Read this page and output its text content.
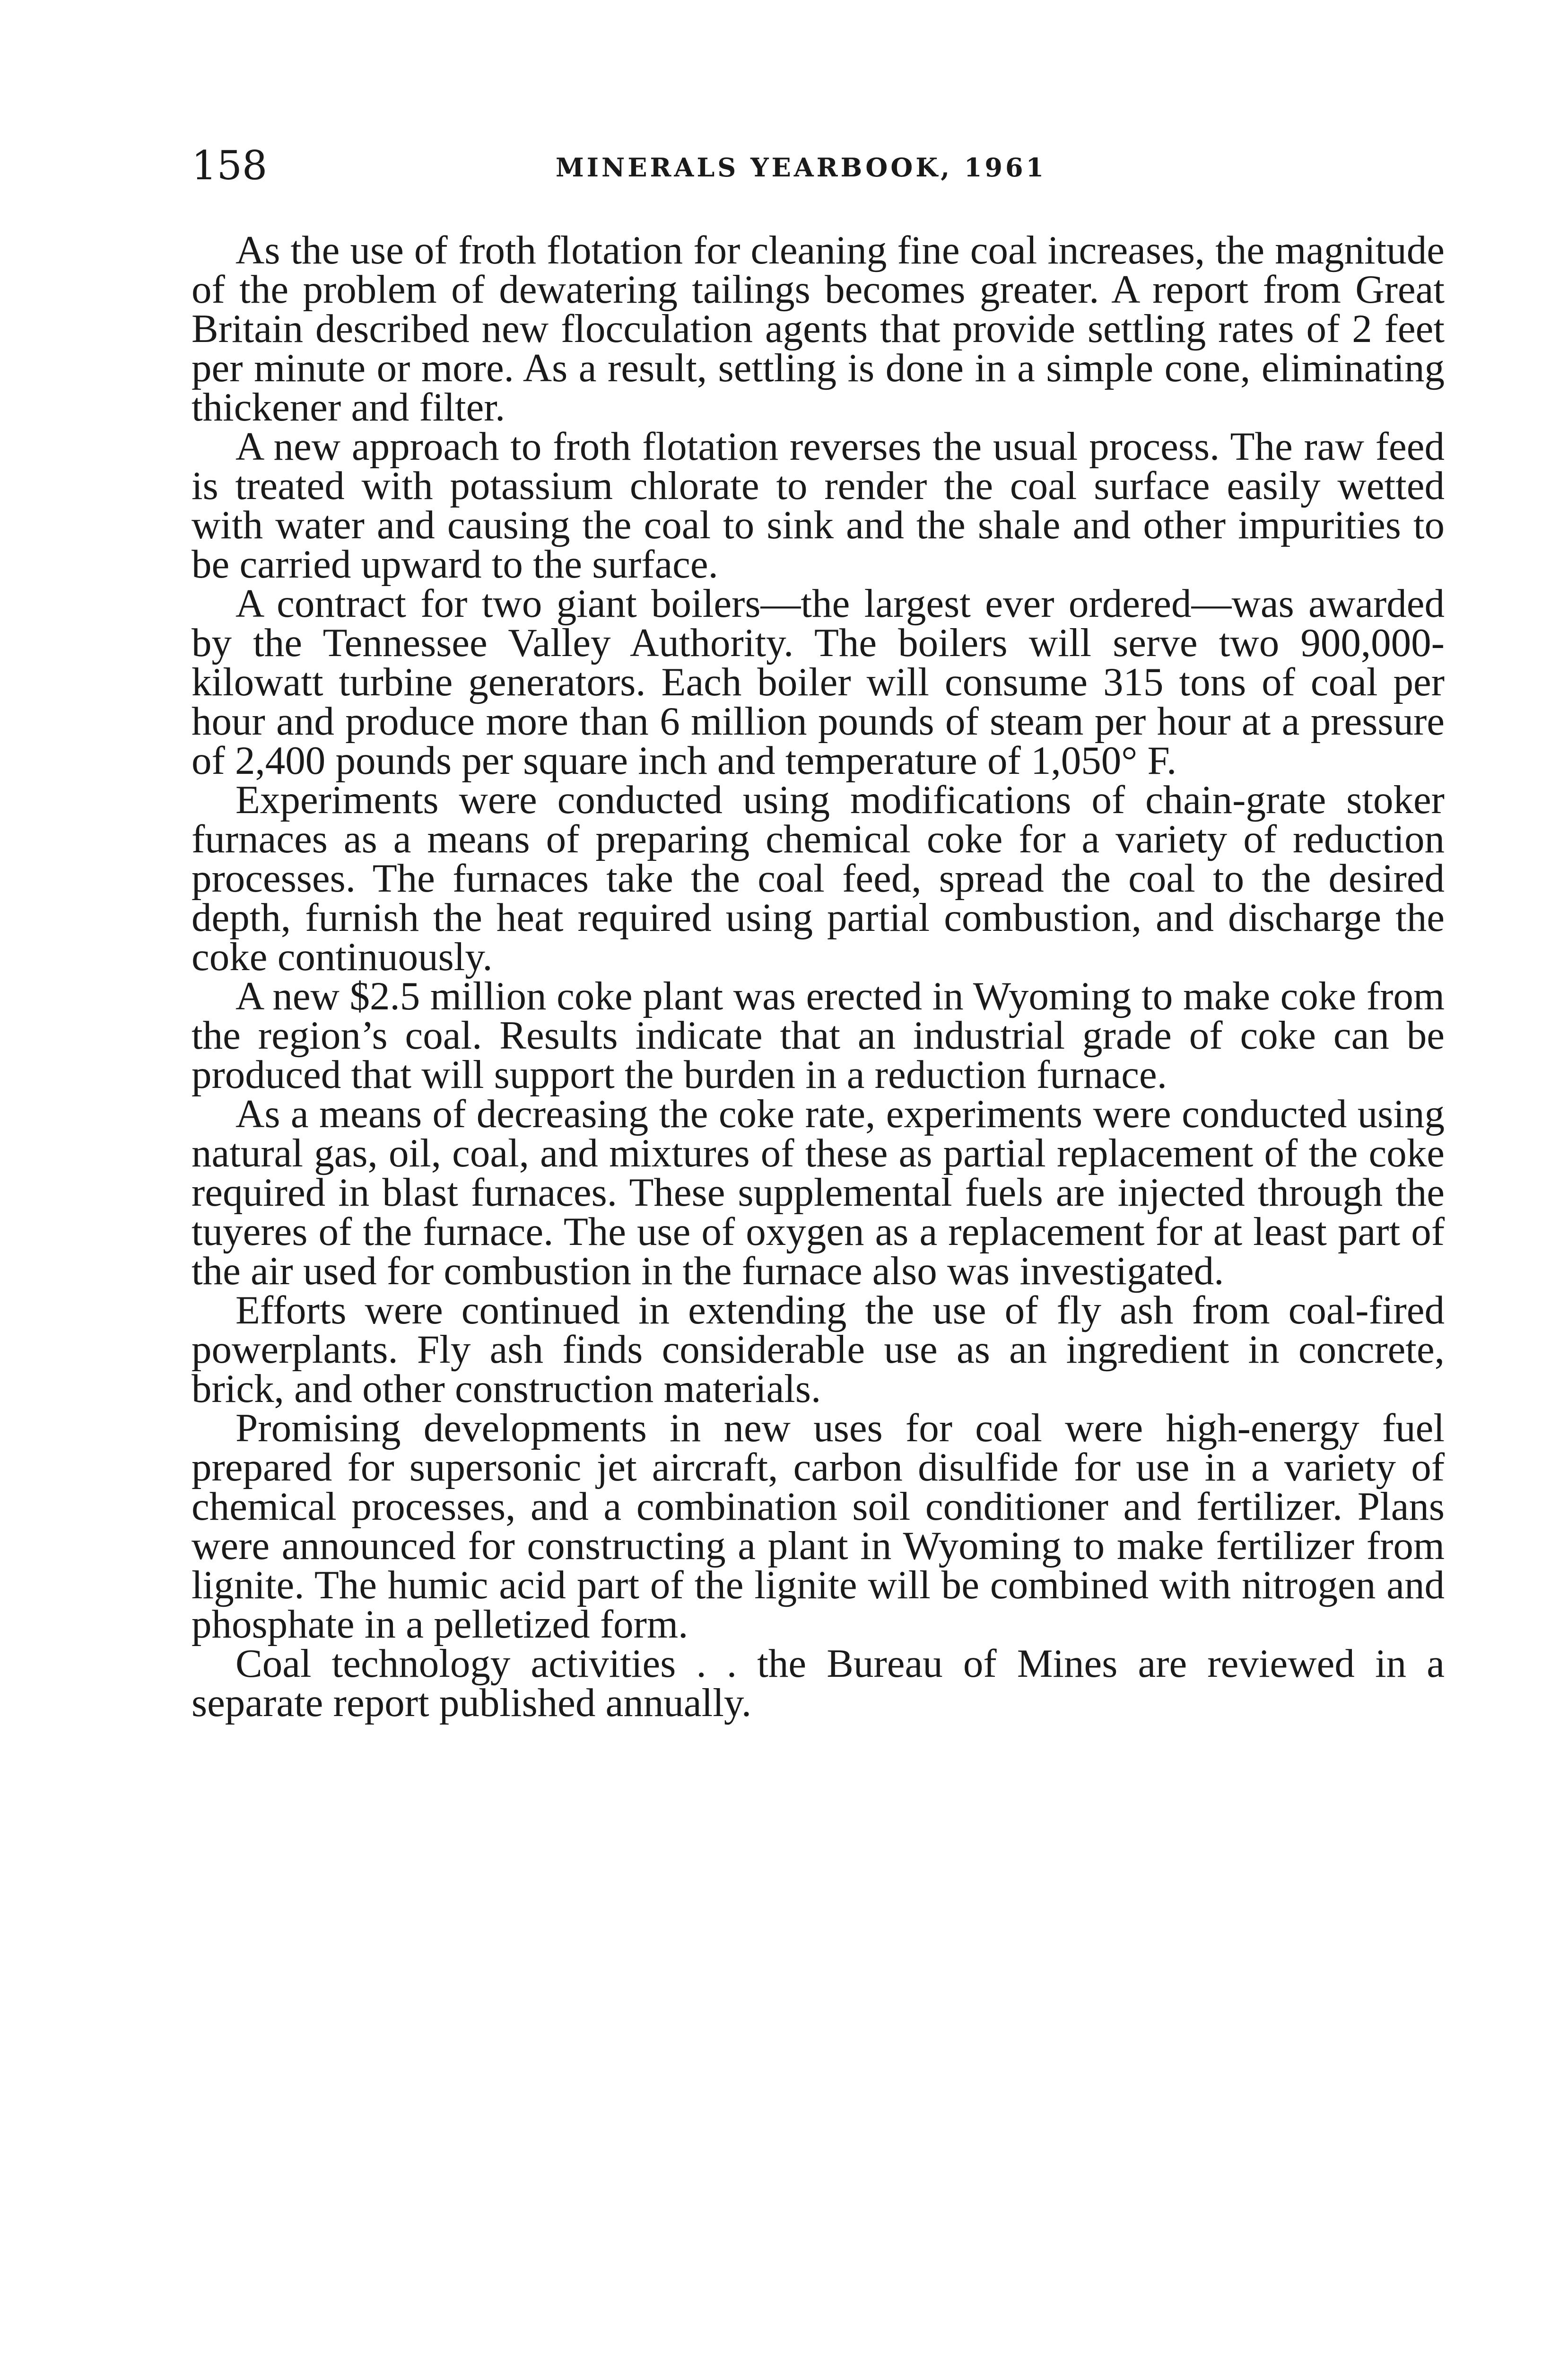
158	MINERALS YEARBOOK, 1961

As the use of froth flotation for cleaning fine coal increases, the magnitude of the problem of dewatering tailings becomes greater. A report from Great Britain described new flocculation agents that provide settling rates of 2 feet per minute or more. As a result, settling is done in a simple cone, eliminating thickener and filter.

A new approach to froth flotation reverses the usual process. The raw feed is treated with potassium chlorate to render the coal surface easily wetted with water and causing the coal to sink and the shale and other impurities to be carried upward to the surface.

A contract for two giant boilers—the largest ever ordered—was awarded by the Tennessee Valley Authority. The boilers will serve two 900,000-kilowatt turbine generators. Each boiler will consume 315 tons of coal per hour and produce more than 6 million pounds of steam per hour at a pressure of 2,400 pounds per square inch and temperature of 1,050° F.

Experiments were conducted using modifications of chain-grate stoker furnaces as a means of preparing chemical coke for a variety of reduction processes. The furnaces take the coal feed, spread the coal to the desired depth, furnish the heat required using partial combustion, and discharge the coke continuously.

A new $2.5 million coke plant was erected in Wyoming to make coke from the region’s coal. Results indicate that an industrial grade of coke can be produced that will support the burden in a reduction furnace.

As a means of decreasing the coke rate, experiments were conducted using natural gas, oil, coal, and mixtures of these as partial replacement of the coke required in blast furnaces. These supplemental fuels are injected through the tuyeres of the furnace. The use of oxygen as a replacement for at least part of the air used for combustion in the furnace also was investigated.

Efforts were continued in extending the use of fly ash from coal-fired powerplants. Fly ash finds considerable use as an ingredient in concrete, brick, and other construction materials.

Promising developments in new uses for coal were high-energy fuel prepared for supersonic jet aircraft, carbon disulfide for use in a variety of chemical processes, and a combination soil conditioner and fertilizer. Plans were announced for constructing a plant in Wyoming to make fertilizer from lignite. The humic acid part of the lignite will be combined with nitrogen and phosphate in a pelletized form.

Coal technology activities . . the Bureau of Mines are reviewed in a separate report published annually.
